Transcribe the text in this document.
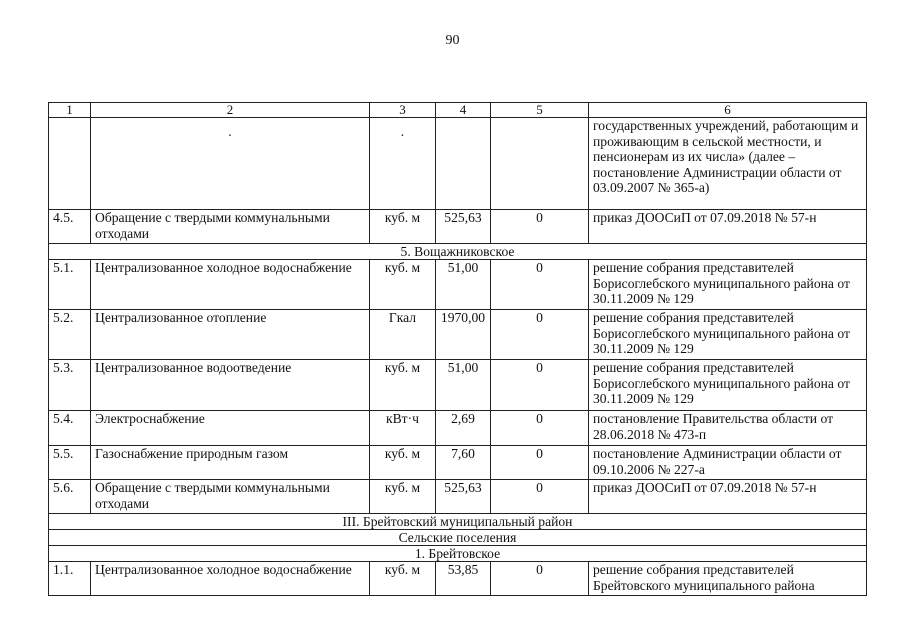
90
1	2	3	4	5	6

	.	.			государственных учреждений, работающим и проживающим в сельской местности, и пенсионерам из их числа» (далее – постановление Администрации области от 03.09.2007 № 365-а)
4.5.	Обращение с твердыми коммунальными отходами	куб. м	525,63	0	приказ ДООСиП от 07.09.2018 № 57-н
5. Вощажниковское					
5.1.	Централизованное холодное водоснабжение	куб. м	51,00	0	решение собрания представителей Борисоглебского муниципального района от 30.11.2009 № 129
5.2.	Централизованное отопление	Гкал	1970,00	0	решение собрания представителей Борисоглебского муниципального района от 30.11.2009 № 129
5.3.	Централизованное водоотведение	куб. м	51,00	0	решение собрания представителей Борисоглебского муниципального района от 30.11.2009 № 129
5.4.	Электроснабжение	кВт·ч	2,69	0	постановление Правительства области от 28.06.2018 № 473-п
5.5.	Газоснабжение природным газом	куб. м	7,60	0	постановление Администрации области от 09.10.2006 № 227-а
5.6.	Обращение с твердыми коммунальными отходами	куб. м	525,63	0	приказ ДООСиП от 07.09.2018 № 57-н
III. Брейтовский муниципальный район					
Сельские поселения					
1. Брейтовское					
1.1.	Централизованное холодное водоснабжение	куб. м	53,85	0	решение собрания представителей Брейтовского муниципального района
